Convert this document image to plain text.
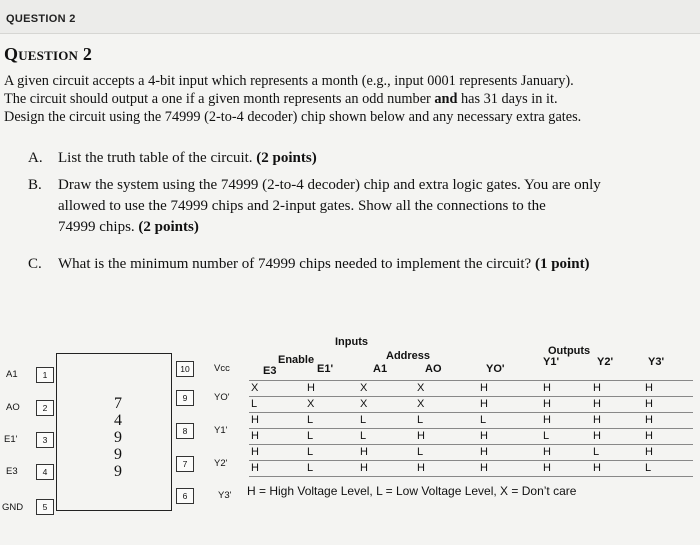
QUESTION 2
Question 2
A given circuit accepts a 4-bit input which represents a month (e.g., input 0001 represents January).
The circuit should output a one if a given month represents an odd number and has 31 days in it.
Design the circuit using the 74999 (2-to-4 decoder) chip shown below and any necessary extra gates.
A. List the truth table of the circuit. (2 points)
B. Draw the system using the 74999 (2-to-4 decoder) chip and extra logic gates. You are only
allowed to use the 74999 chips and 2-input gates. Show all the connections to the
74999 chips. (2 points)
C. What is the minimum number of 74999 chips needed to implement the circuit? (1 point)
7
4
9
9
9
A1	1
AO	2
E1'	3
E3	4
GND	5
10	Vcc
9	YO'
8	Y1'
7	Y2'
6	Y3'
Inputs
Enable	Address	Outputs
E3	E1'	A1	AO	YO'
Y1'	Y2'	Y3'
X	H	X	X	H	H	H	H
L	X	X	X	H	H	H	H
H	L	L	L	L	H	H	H
H	L	L	H	H	L	H	H
H	L	H	L	H	H	L	H
H	L	H	H	H	H	H	L
H = High Voltage Level, L = Low Voltage Level, X = Don’t care
